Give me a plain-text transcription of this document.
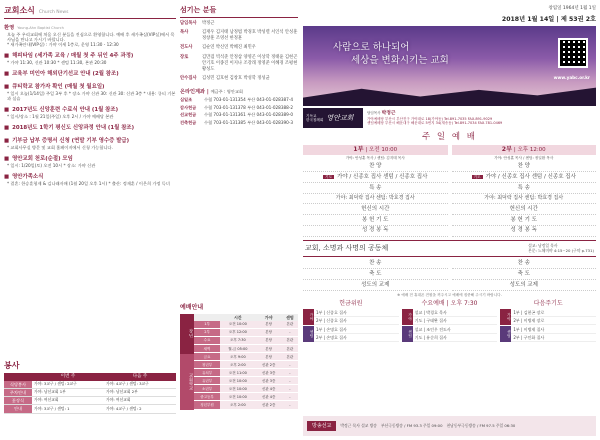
교회소식 Church News
환영 Young-Ahn Baptist Church
오늘 주 우리교회에 처음 오신 분들을 진심으로 환영합니다. 예배 후 새가족실(VIP실)에서 목사님을 만나고 가시기 바랍니다.
* 새가족안내(VIP실) : 가야 이세 1층로, 운영 11:30 - 12:30
■ 해피타임 (세가족 교육 / 매월 첫 주 뒤인 4주 과정)
* 가야 11:30, 신관 10:30 * 센텀 11:30, 본관 20:30
■ 교육부 미인아 해외단기선교 안내 (2월 참조)
■ 큐티학교 참가자 확인 (매월 첫 월요일)
* 일시 오늘(1/14일) 주일 3부 후 * 장소 가야 신관 30: 신관 30: 신관 3층 * 내용: 큐티 기본과 실습
■ 2017년도 신앙훈련 수료식 안내 (1월 참조)
* 일시/장소 : 1월 21일(주일) 오후 2시 / 가야 예배당 본관
■ 2018년도 1학기 평신도 신앙과정 안내 (1월 참조)
■ 기부금 납부 증명서 신청 (연말 기부 영수증 발급)
* 교회사무실 방문 및 교회 홈페이지에서 신청 가능합니다.
■ 영안교회 천로(순절) 모임
* 일시: 1/20일(토) 오전 10시 * 장소: 가야 신관
■ 영안가족소식
* 결혼: 한승훈형제 & 김나래자매 (1월 20일 오후 1시) * 출산: 정재훈 / 이은희 가정 득녀
봉사
	이번 주	다음 주
식당봉사	가야: 3교구 / 센텀: 2교구	가야: 4교구 / 센텀: 3교구
주차안내	가야: 남선교회 1부	가야: 남선교회 2부
꽃장식	가야: 여선교회	가야: 여선교회
안내	가야: 3교구 / 센텀: 1	가야: 4교구 / 센텀: 2
섬기는 분들
담임목사	박정근
목사	김재우 김지태 남정범 박경호 박성렬 서인석 안성훈 정창훈 조영선 한정훈
전도사	김순연 박신연 박혜진 최민우
장로	김만겸 빅석준 안정삼 양영곤 이상학 정태윤 김현곤 안기호 이종진 이지나 조강래 정영준 이혜경 조평현 황성도
안수집사	김성민 김호현 김창호 박성학 정성균
온라인계좌 | 예금주 : 영안교회
십일조	수협 703-01-131354 부산 043-01-028387-4
감사헌금	수협 703-01-131378 부산 043-01-028388-2
선교헌금	수협 703-01-131361 부산 043-01-028389-0
건축헌금	수협 703-01-131385 부산 043-01-028390-3
예배안내
장년
교회학교
	시간	가야	센텀
1부	오전 10:00	본당	본관
2부	오후 12:00	본당	-
수요	오후 7:30	본당	본관
새벽	월-금 05:00	본당	본관
금요	오후 9:00	본당	본관
청년부	오후 2:00	신관 2층	-
유치부	오전 11:00	신관 3층	-
유년부	오전 10:00	신관 3층	-
소년부	오전 10:00	신관 4층	-
중고등부	오전 10:00	신관 4층	-
청년부원	오후 2:00	신관 2층	-
창립일 1964년 1월 1일
2018년 1월 14일 | 제 53권 2호
사람으로 하나되어
세상을 변화시키는 교회
www.yabc.or.kr
기독교
한국침례회 영안교회
담임목사 박정근
가야예배당 부산시 부산진구 가야대로 18(가야동) Tel.891-7035 FAX.891-9029
센텀예배당 부산시 해운대구 해운대로 5번지 34(재송동) Tel.891-7034 FAX.781-0469
주 일 예 배
1부 | 오전 10:00
가야: 안성훈 목사 / 센텀: 김지태 목사
찬 양
기도 가야 / 신종호 집사 센텀 / 신종호 집사
특 송
가야: 최덕락 집사 센텀: 박효경 집사
헌신의 시간
봉 헌 기 도
성 경 봉 독
2부 | 오후 12:00
가야: 안성훈 목사 / 센텀: 정일환 목사
찬 양
기도 가야 / 신종호 집사 센텀 / 신종호 집사
특 송
가야: 최덕락 집사 센텀: 박효경 집사
헌신의 시간
봉 헌 기 도
성 경 봉 독
교회, 소명과 사명의 공동체	설교: 남정일 목사
본문: 느헤미야 4:15~20 (구약 p.731)
찬 송
축 도
성도의 교제
찬 송
축 도
성도의 교제
※ 예배 전 휴대폰 전원을 꺼주시고 예배에 집중해 주시기 바랍니다.
헌금위원
가야
1부 | 신종호 집사
2부 | 신종호 집사
센텀
1부 | 손명호 집사
2부 | 손명호 집사
수요예배 | 오후 7:30
가야
설교 | 박경호 목사
기도 | 구태완 집사
센텀
설교 | 조인우 전도사
기도 | 유순희 집사
다음주기도
가야
1부 | 김현곤 장로
2부 | 이병제 장로
센텀
1부 | 이병제 집사
2부 | 구인화 집사
방송선교	박정근 목사 설교 방송 부산극동방송 / FM 93.3 주일 09:00 천남동부극동방송 / FM 97.5 주일 06:30
